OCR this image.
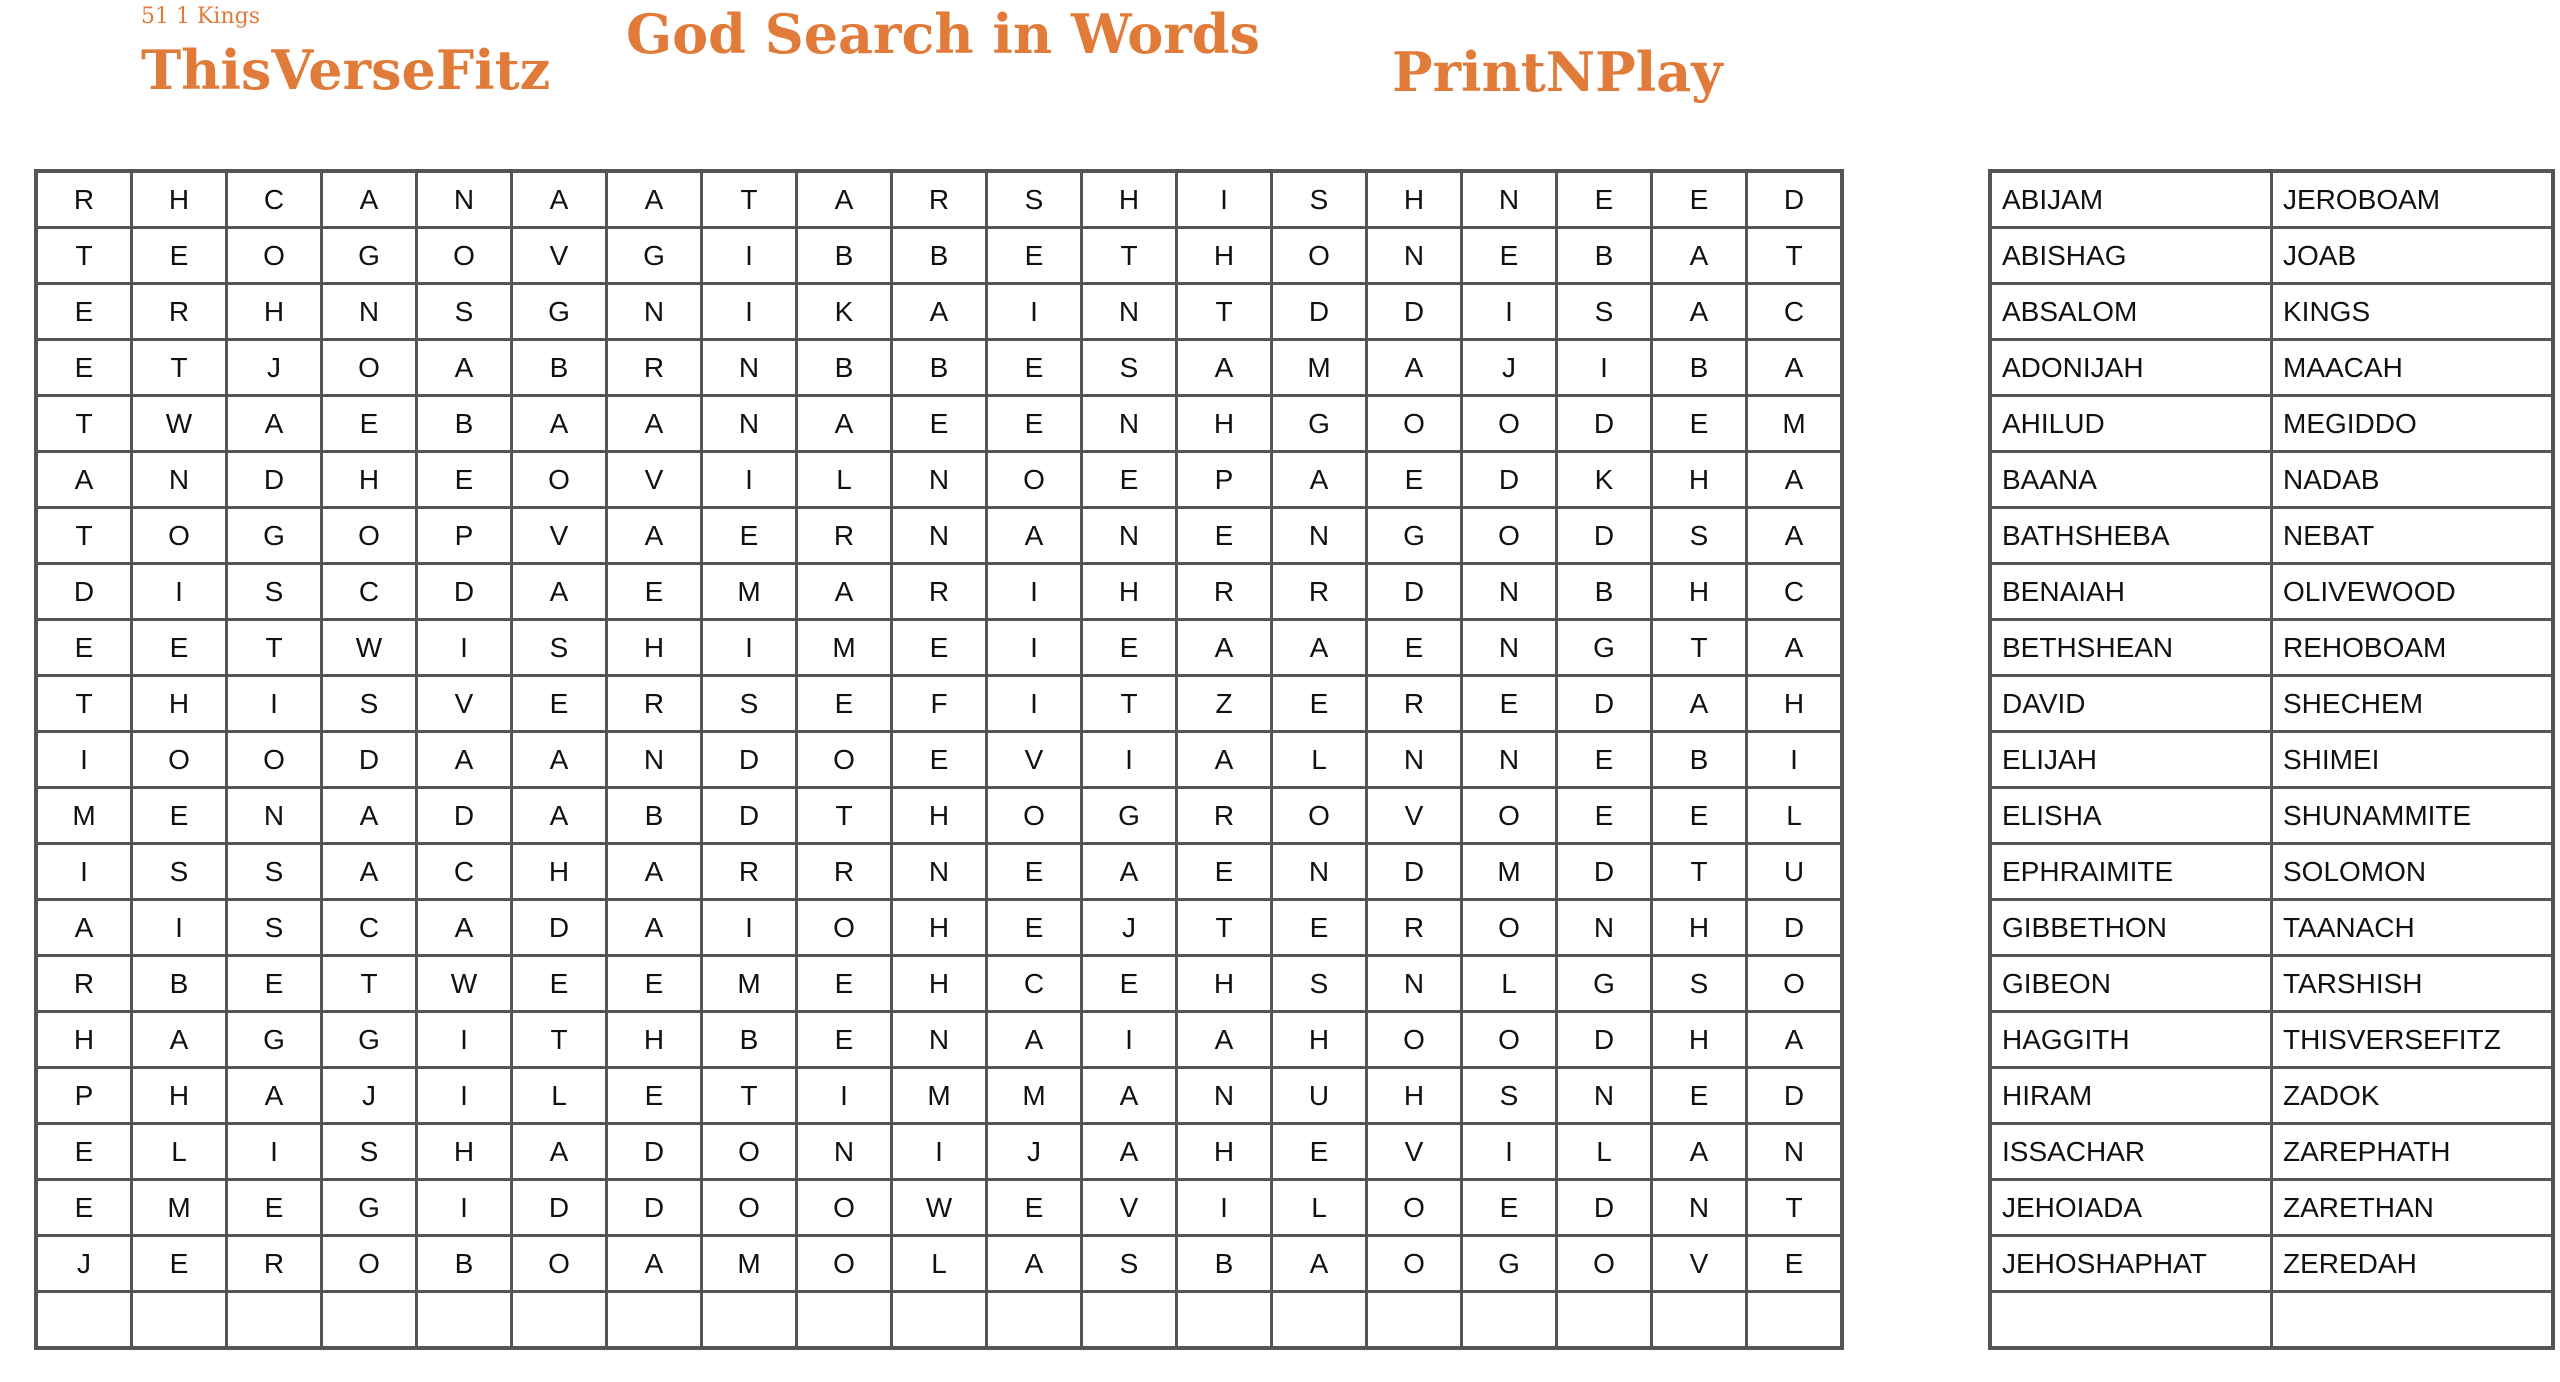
51 1 Kings
ThisVerseFitz
God Search in Words
PrintNPlay
R	H	C	A	N	A	A	T	A	R	S	H	I	S	H	N	E	E	D
T	E	O	G	O	V	G	I	B	B	E	T	H	O	N	E	B	A	T
E	R	H	N	S	G	N	I	K	A	I	N	T	D	D	I	S	A	C
E	T	J	O	A	B	R	N	B	B	E	S	A	M	A	J	I	B	A
T	W	A	E	B	A	A	N	A	E	E	N	H	G	O	O	D	E	M
A	N	D	H	E	O	V	I	L	N	O	E	P	A	E	D	K	H	A
T	O	G	O	P	V	A	E	R	N	A	N	E	N	G	O	D	S	A
D	I	S	C	D	A	E	M	A	R	I	H	R	R	D	N	B	H	C
E	E	T	W	I	S	H	I	M	E	I	E	A	A	E	N	G	T	A
T	H	I	S	V	E	R	S	E	F	I	T	Z	E	R	E	D	A	H
I	O	O	D	A	A	N	D	O	E	V	I	A	L	N	N	E	B	I
M	E	N	A	D	A	B	D	T	H	O	G	R	O	V	O	E	E	L
I	S	S	A	C	H	A	R	R	N	E	A	E	N	D	M	D	T	U
A	I	S	C	A	D	A	I	O	H	E	J	T	E	R	O	N	H	D
R	B	E	T	W	E	E	M	E	H	C	E	H	S	N	L	G	S	O
H	A	G	G	I	T	H	B	E	N	A	I	A	H	O	O	D	H	A
P	H	A	J	I	L	E	T	I	M	M	A	N	U	H	S	N	E	D
E	L	I	S	H	A	D	O	N	I	J	A	H	E	V	I	L	A	N
E	M	E	G	I	D	D	O	O	W	E	V	I	L	O	E	D	N	T
J	E	R	O	B	O	A	M	O	L	A	S	B	A	O	G	O	V	E

ABIJAM	JEROBOAM
ABISHAG	JOAB
ABSALOM	KINGS
ADONIJAH	MAACAH
AHILUD	MEGIDDO
BAANA	NADAB
BATHSHEBA	NEBAT
BENAIAH	OLIVEWOOD
BETHSHEAN	REHOBOAM
DAVID	SHECHEM
ELIJAH	SHIMEI
ELISHA	SHUNAMMITE
EPHRAIMITE	SOLOMON
GIBBETHON	TAANACH
GIBEON	TARSHISH
HAGGITH	THISVERSEFITZ
HIRAM	ZADOK
ISSACHAR	ZAREPHATH
JEHOIADA	ZARETHAN
JEHOSHAPHAT	ZEREDAH
